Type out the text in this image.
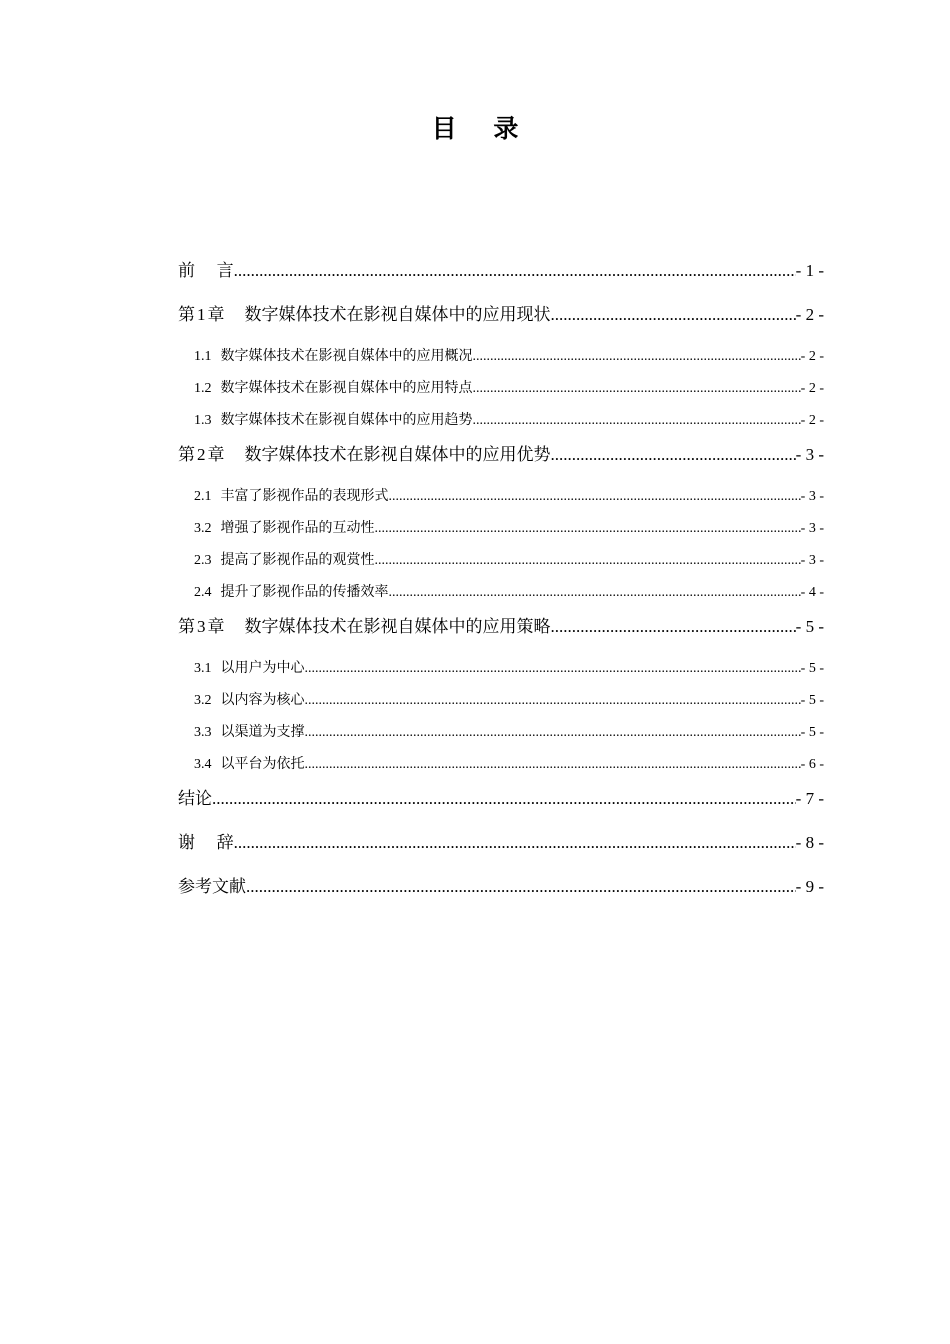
目 录
前    言 .....	- 1 -
第 1 章 数字媒体技术在影视自媒体中的应用现状 .....	- 2 -
1.1 数字媒体技术在影视自媒体中的应用概况 .....	- 2 -
1.2 数字媒体技术在影视自媒体中的应用特点 .....	- 2 -
1.3 数字媒体技术在影视自媒体中的应用趋势 .....	- 2 -
第 2 章 数字媒体技术在影视自媒体中的应用优势 .....	- 3 -
2.1 丰富了影视作品的表现形式 .....	- 3 -
3.2 增强了影视作品的互动性 .....	- 3 -
2.3 提高了影视作品的观赏性 .....	- 3 -
2.4 提升了影视作品的传播效率 .....	- 4 -
第 3 章 数字媒体技术在影视自媒体中的应用策略 .....	- 5 -
3.1 以用户为中心 .....	- 5 -
3.2 以内容为核心 .....	- 5 -
3.3 以渠道为支撑 .....	- 5 -
3.4 以平台为依托 .....	- 6 -
结论 .....	- 7 -
谢    辞 .....	- 8 -
参考文献 .....	- 9 -
